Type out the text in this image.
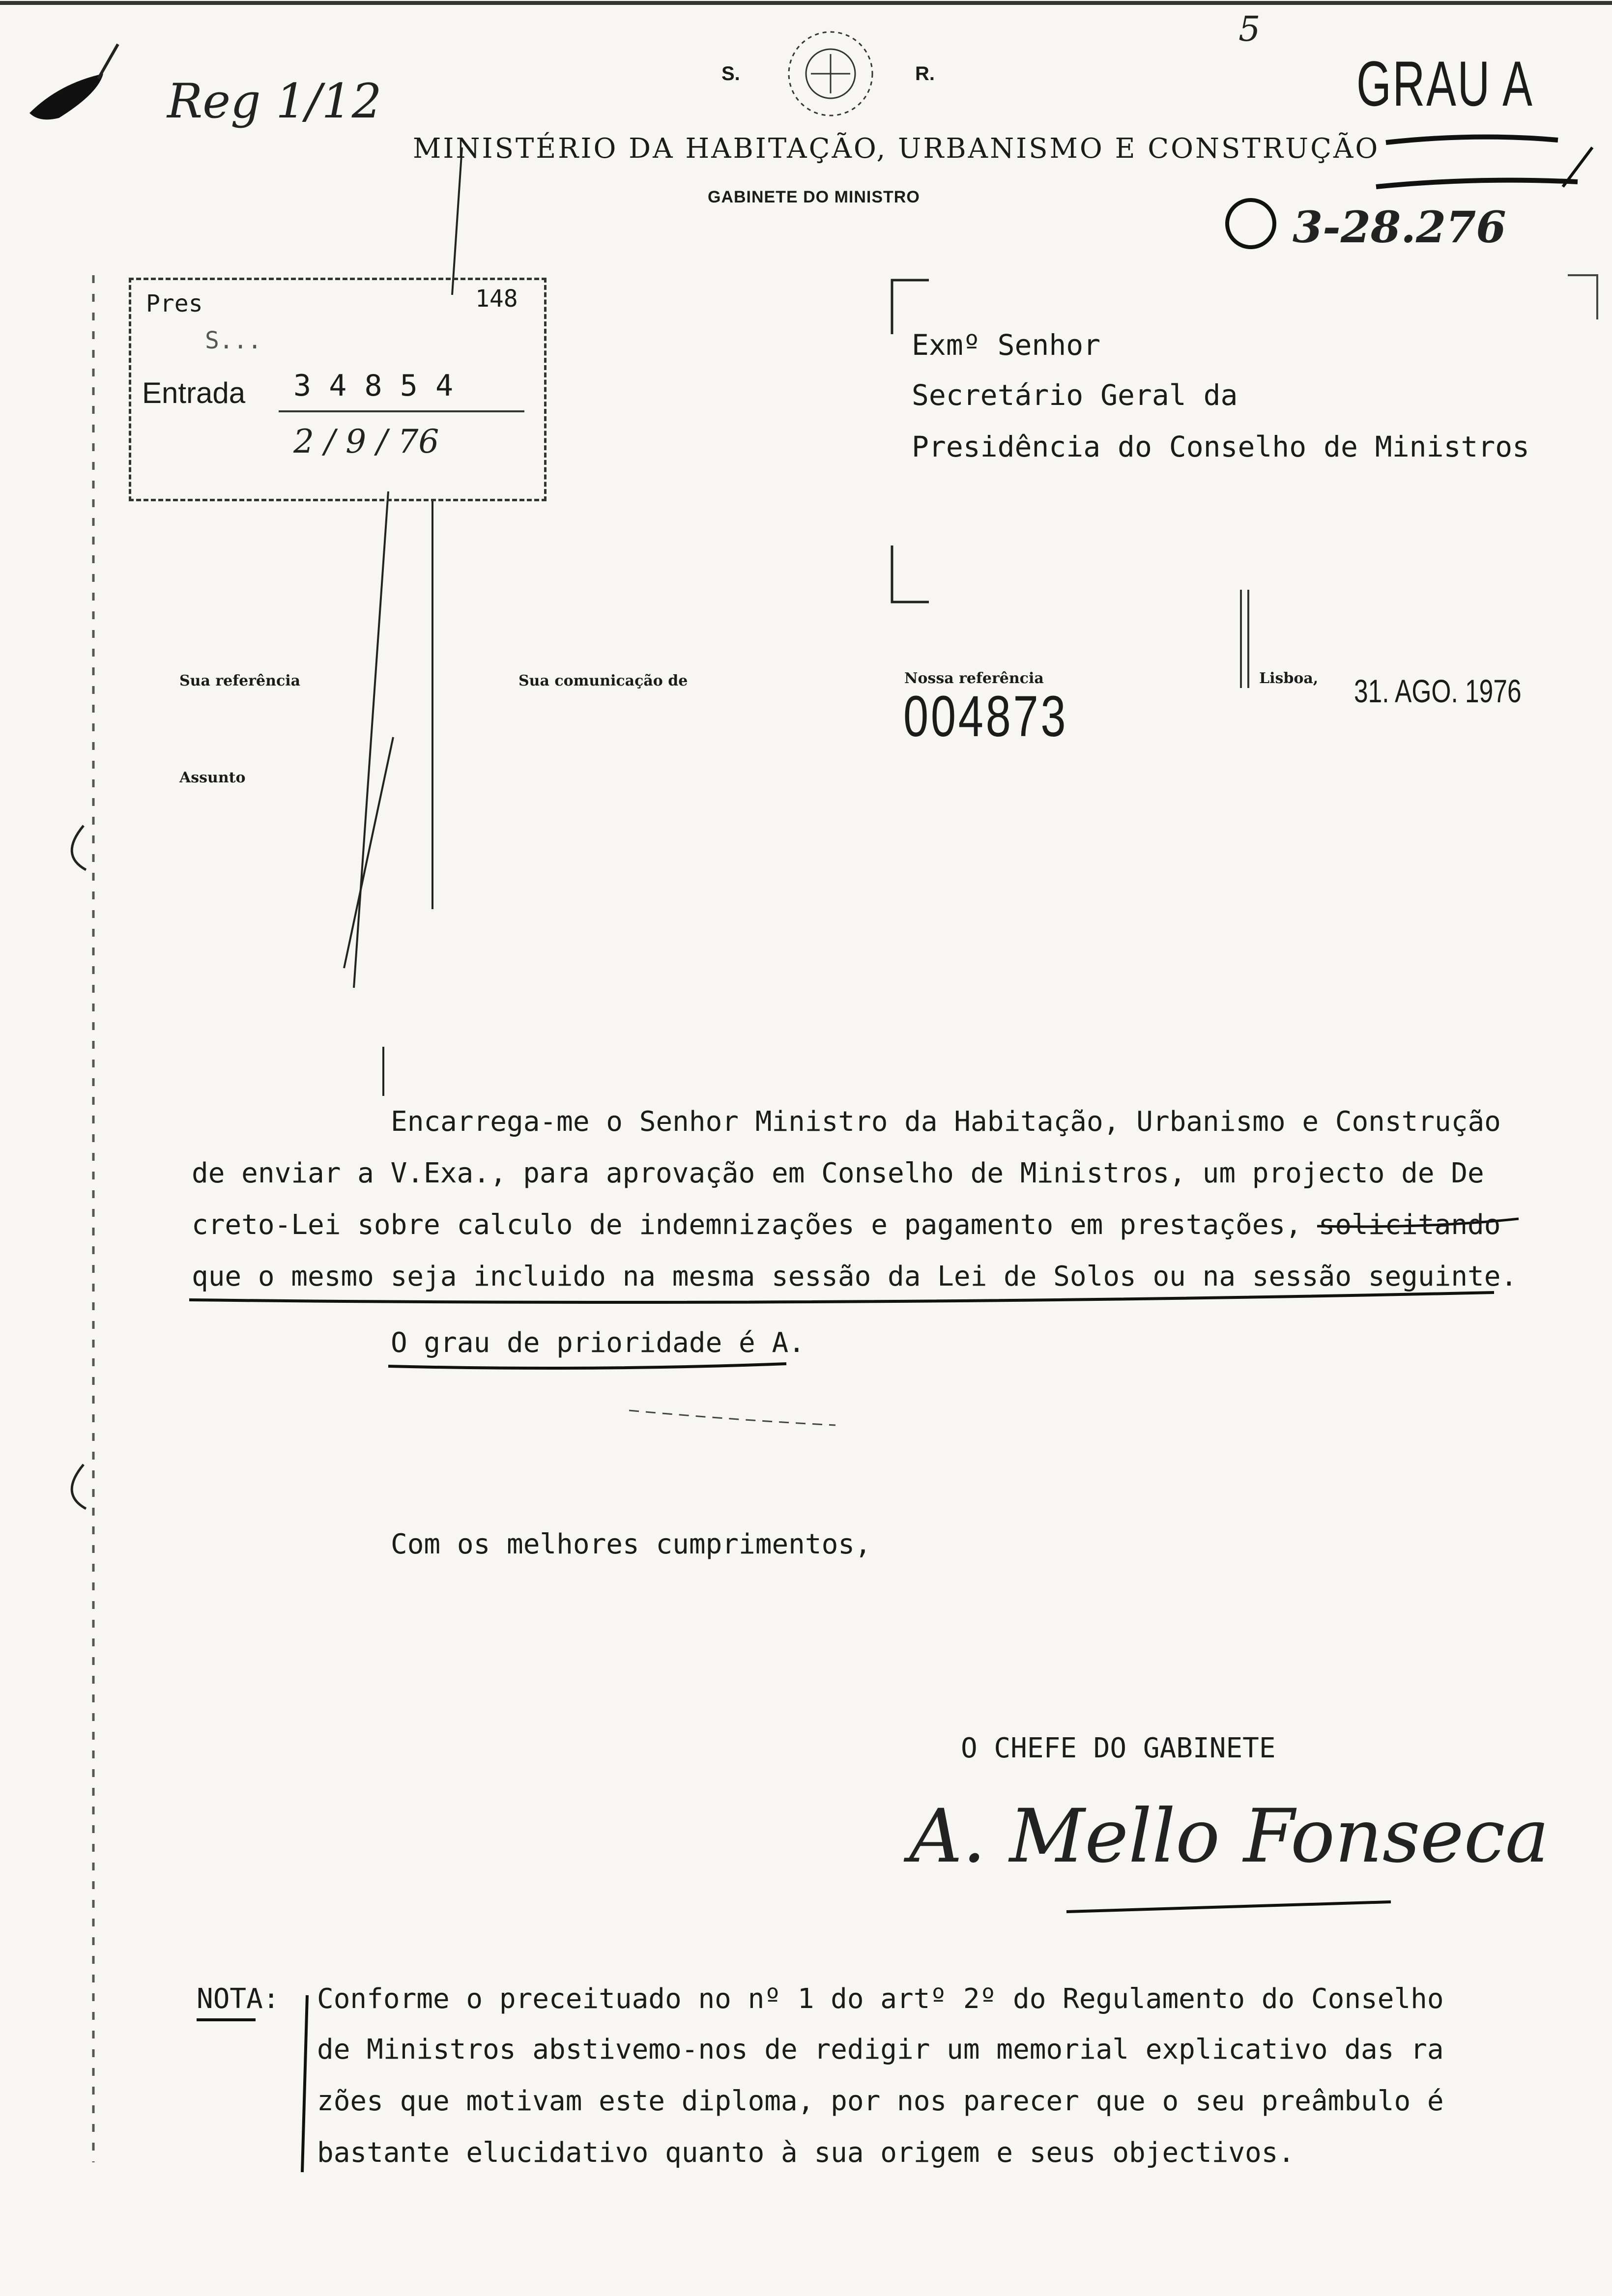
S.	R.
MINISTÉRIO DA HABITAÇÃO, URBANISMO E CONSTRUÇÃO
GABINETE DO MINISTRO
5
Reg 1/12	GRAU A
3-28.276
Pres	148
S...
Entrada 3 4 8 5 4
2 / 9 / 76
Exmº Senhor
Secretário Geral da
Presidência do Conselho de Ministros
Sua referência	Sua comunicação de	Nossa referência
004873
Lisboa, 31. AGO. 1976
Assunto
Encarrega-me o Senhor Ministro da Habitação, Urbanismo e Construção
de enviar a V.Exa., para aprovação em Conselho de Ministros, um projecto de De
creto-Lei sobre calculo de indemnizações e pagamento em prestações, solicitando
que o mesmo seja incluido na mesma sessão da Lei de Solos ou na sessão seguinte.
O grau de prioridade é A.
Com os melhores cumprimentos,
O CHEFE DO GABINETE
A. Mello Fonseca
NOTA: Conforme o preceituado no nº 1 do artº 2º do Regulamento do Conselho
de Ministros abstivemo-nos de redigir um memorial explicativo das ra
zões que motivam este diploma, por nos parecer que o seu preâmbulo é
bastante elucidativo quanto à sua origem e seus objectivos.
